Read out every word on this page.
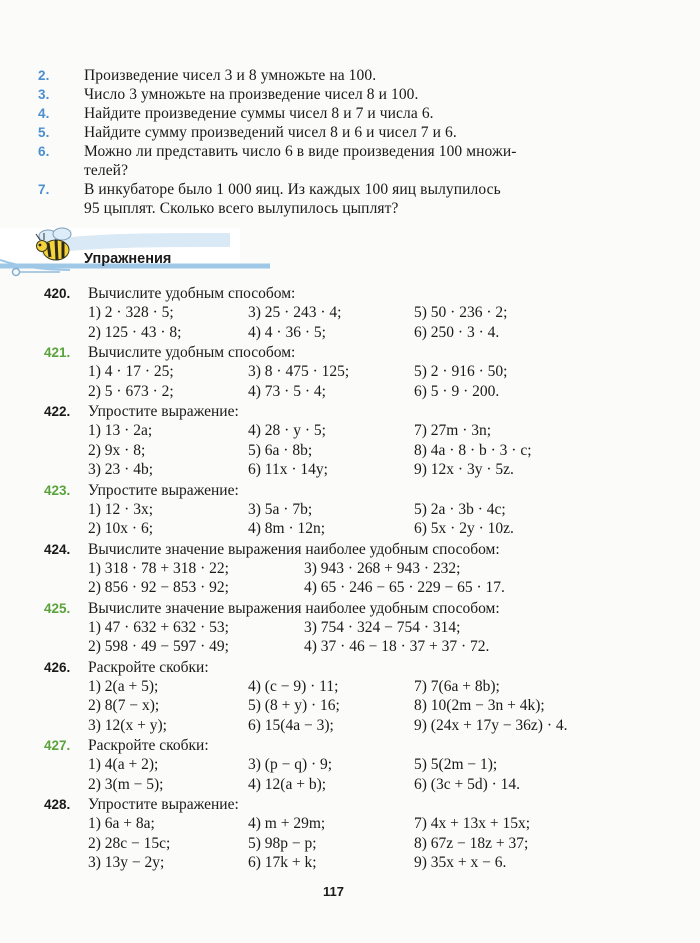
2.	Произведение чисел 3 и 8 умножьте на 100.
3.	Число 3 умножьте на произведение чисел 8 и 100.
4.	Найдите произведение суммы чисел 8 и 7 и числа 6.
5.	Найдите сумму произведений чисел 8 и 6 и чисел 7 и 6.
6.	Можно ли представить число 6 в виде произведения 100 множи-
телей?
7.	В инкубаторе было 1 000 яиц. Из каждых 100 яиц вылупилось
95 цыплят. Сколько всего вылупилось цыплят?
Упражнения
420.	Вычислите удобным способом:
1) 2 · 328 · 5;	3) 25 · 243 · 4;	5) 50 · 236 · 2;
2) 125 · 43 · 8;	4) 4 · 36 · 5;	6) 250 · 3 · 4.
421.	Вычислите удобным способом:
1) 4 · 17 · 25;	3) 8 · 475 · 125;	5) 2 · 916 · 50;
2) 5 · 673 · 2;	4) 73 · 5 · 4;	6) 5 · 9 · 200.
422.	Упростите выражение:
1) 13 · 2a;	4) 28 · y · 5;	7) 27m · 3n;
2) 9x · 8;	5) 6a · 8b;	8) 4a · 8 · b · 3 · c;
3) 23 · 4b;	6) 11x · 14y;	9) 12x · 3y · 5z.
423.	Упростите выражение:
1) 12 · 3x;	3) 5a · 7b;	5) 2a · 3b · 4c;
2) 10x · 6;	4) 8m · 12n;	6) 5x · 2y · 10z.
424.	Вычислите значение выражения наиболее удобным способом:
1) 318 · 78 + 318 · 22;	3) 943 · 268 + 943 · 232;
2) 856 · 92 − 853 · 92;	4) 65 · 246 − 65 · 229 − 65 · 17.
425.	Вычислите значение выражения наиболее удобным способом:
1) 47 · 632 + 632 · 53;	3) 754 · 324 − 754 · 314;
2) 598 · 49 − 597 · 49;	4) 37 · 46 − 18 · 37 + 37 · 72.
426.	Раскройте скобки:
1) 2(a + 5);	4) (c − 9) · 11;	7) 7(6a + 8b);
2) 8(7 − x);	5) (8 + y) · 16;	8) 10(2m − 3n + 4k);
3) 12(x + y);	6) 15(4a − 3);	9) (24x + 17y − 36z) · 4.
427.	Раскройте скобки:
1) 4(a + 2);	3) (p − q) · 9;	5) 5(2m − 1);
2) 3(m − 5);	4) 12(a + b);	6) (3c + 5d) · 14.
428.	Упростите выражение:
1) 6a + 8a;	4) m + 29m;	7) 4x + 13x + 15x;
2) 28c − 15c;	5) 98p − p;	8) 67z − 18z + 37;
3) 13y − 2y;	6) 17k + k;	9) 35x + x − 6.
117
